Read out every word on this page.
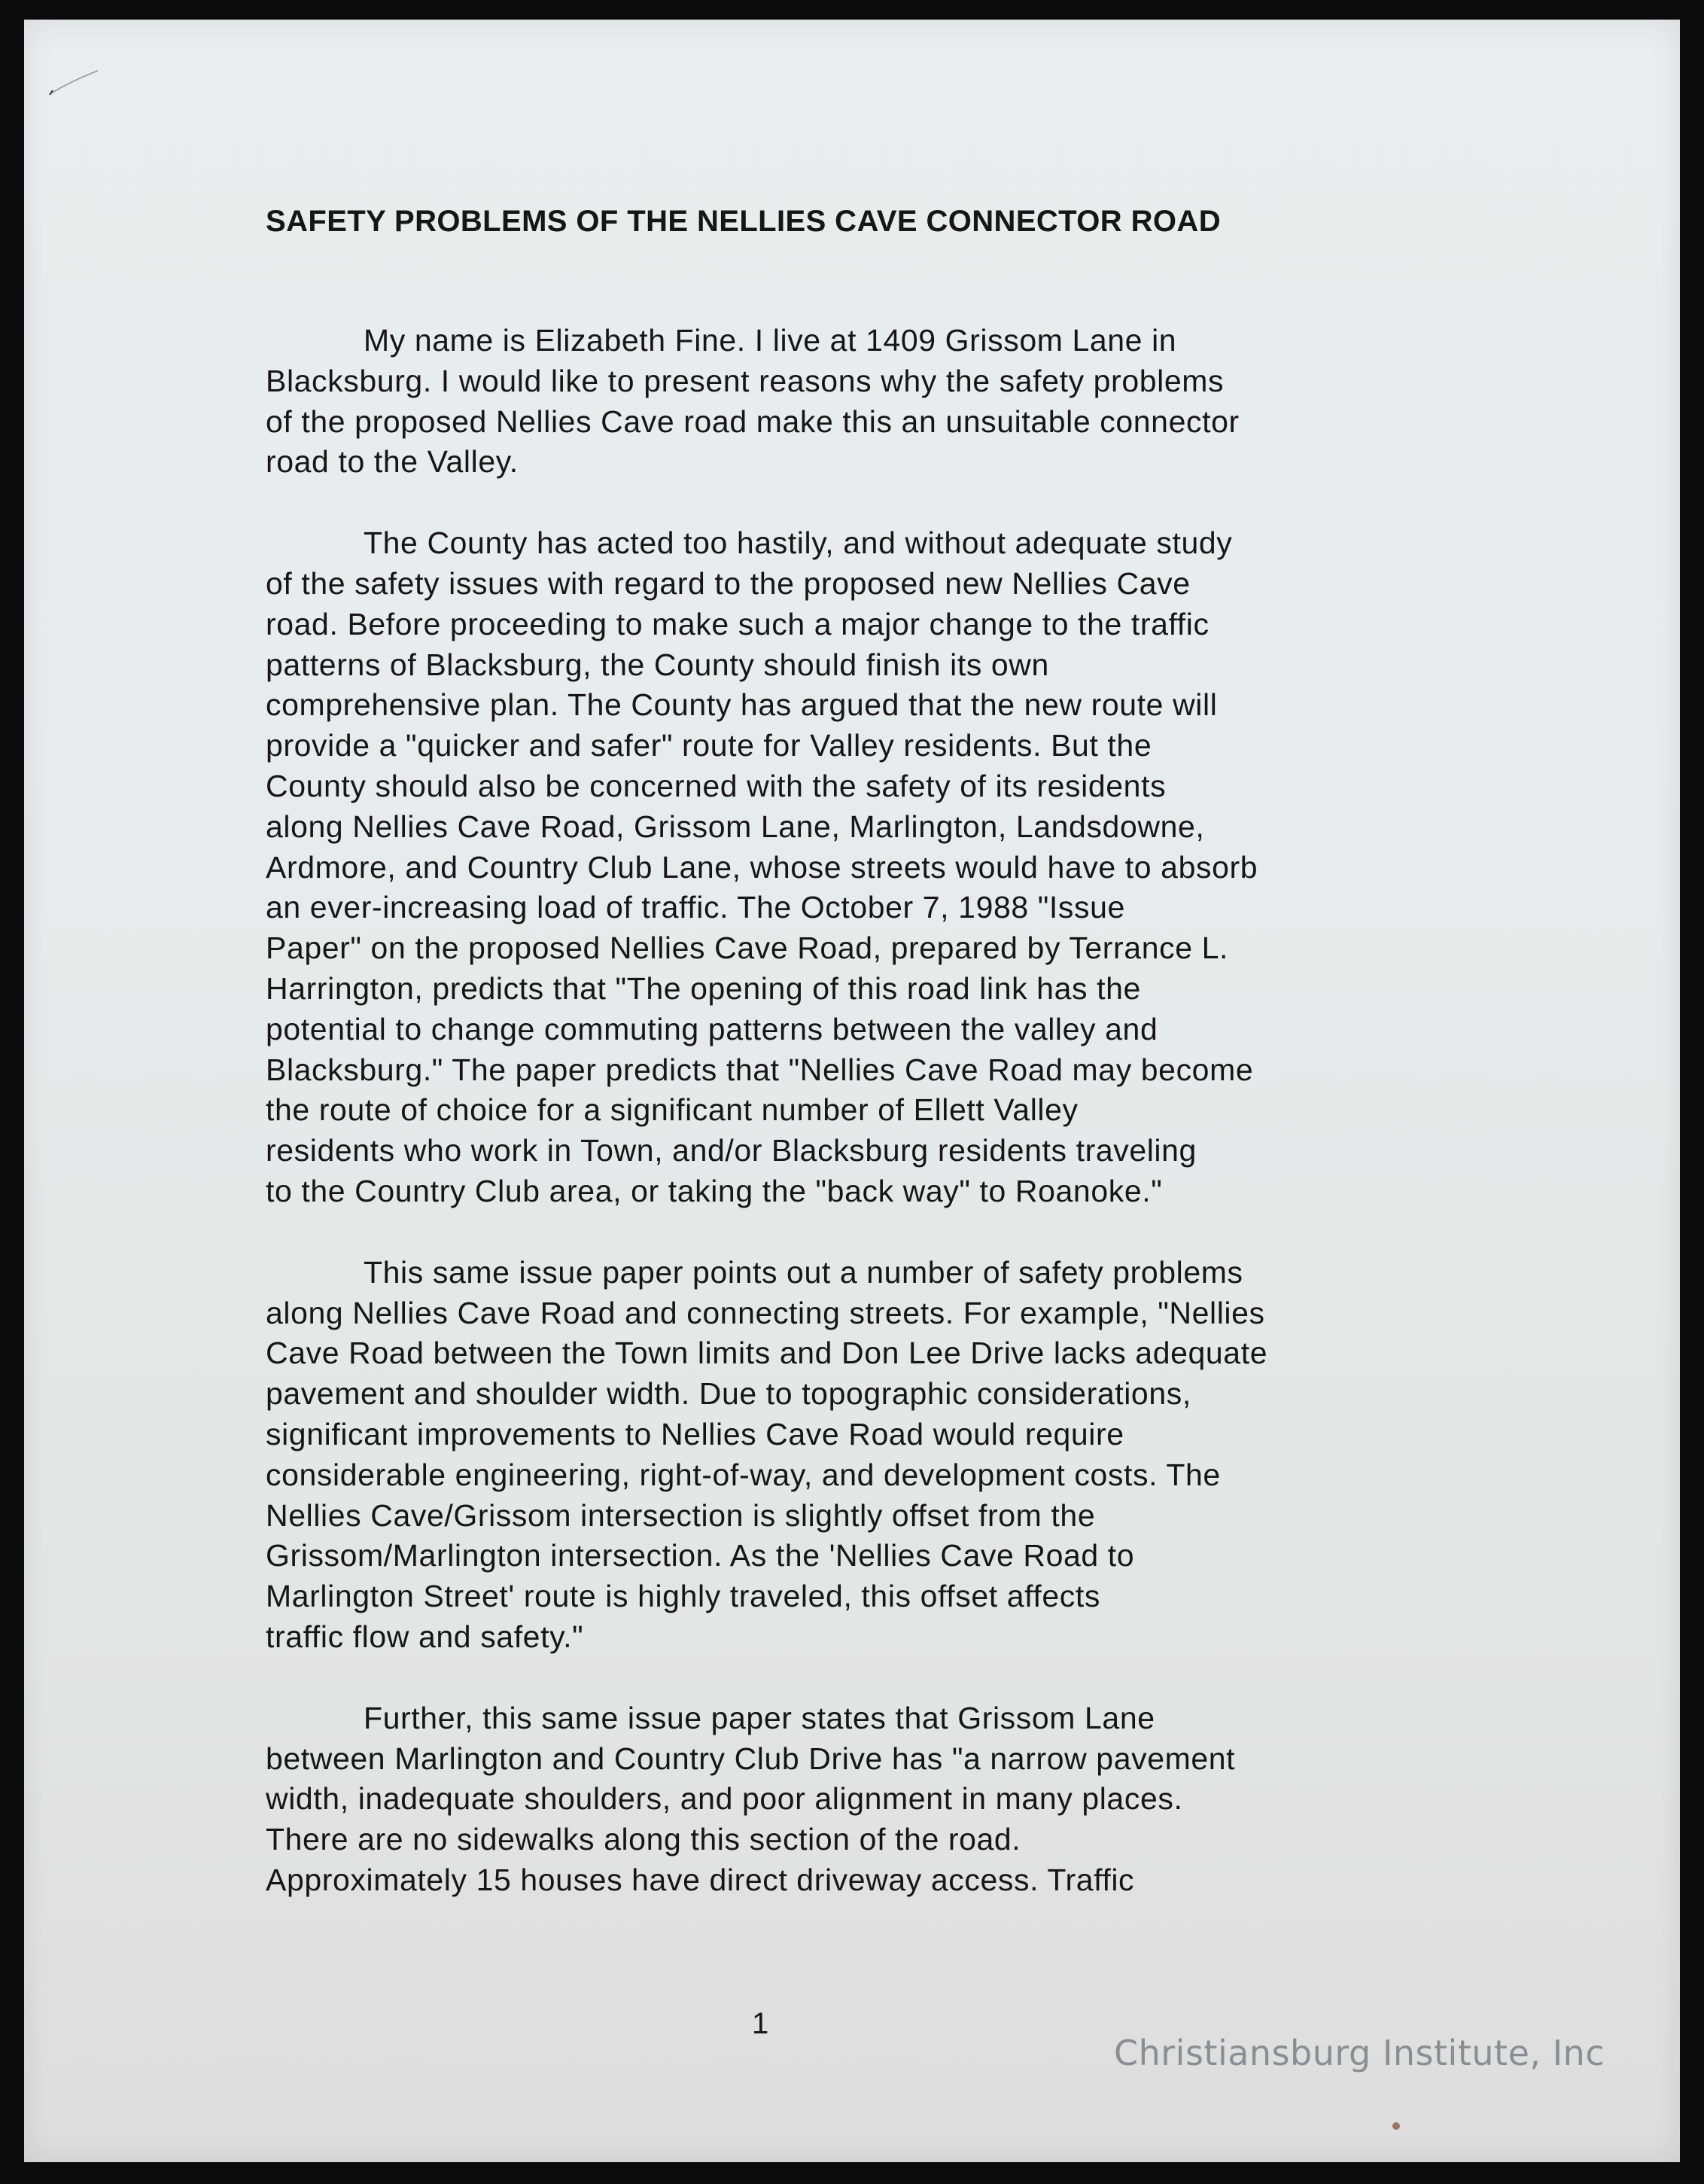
SAFETY PROBLEMS OF THE NELLIES CAVE CONNECTOR ROAD
My name is Elizabeth Fine. I live at 1409 Grissom Lane in
Blacksburg. I would like to present reasons why the safety problems
of the proposed Nellies Cave road make this an unsuitable connector
road to the Valley.
The County has acted too hastily, and without adequate study
of the safety issues with regard to the proposed new Nellies Cave
road. Before proceeding to make such a major change to the traffic
patterns of Blacksburg, the County should finish its own
comprehensive plan. The County has argued that the new route will
provide a "quicker and safer" route for Valley residents. But the
County should also be concerned with the safety of its residents
along Nellies Cave Road, Grissom Lane, Marlington, Landsdowne,
Ardmore, and Country Club Lane, whose streets would have to absorb
an ever-increasing load of traffic. The October 7, 1988 "Issue
Paper" on the proposed Nellies Cave Road, prepared by Terrance L.
Harrington, predicts that "The opening of this road link has the
potential to change commuting patterns between the valley and
Blacksburg." The paper predicts that "Nellies Cave Road may become
the route of choice for a significant number of Ellett Valley
residents who work in Town, and/or Blacksburg residents traveling
to the Country Club area, or taking the "back way" to Roanoke."
This same issue paper points out a number of safety problems
along Nellies Cave Road and connecting streets. For example, "Nellies
Cave Road between the Town limits and Don Lee Drive lacks adequate
pavement and shoulder width. Due to topographic considerations,
significant improvements to Nellies Cave Road would require
considerable engineering, right-of-way, and development costs. The
Nellies Cave/Grissom intersection is slightly offset from the
Grissom/Marlington intersection. As the 'Nellies Cave Road to
Marlington Street' route is highly traveled, this offset affects
traffic flow and safety."
Further, this same issue paper states that Grissom Lane
between Marlington and Country Club Drive has "a narrow pavement
width, inadequate shoulders, and poor alignment in many places.
There are no sidewalks along this section of the road.
Approximately 15 houses have direct driveway access. Traffic
1
Christiansburg Institute, Inc
